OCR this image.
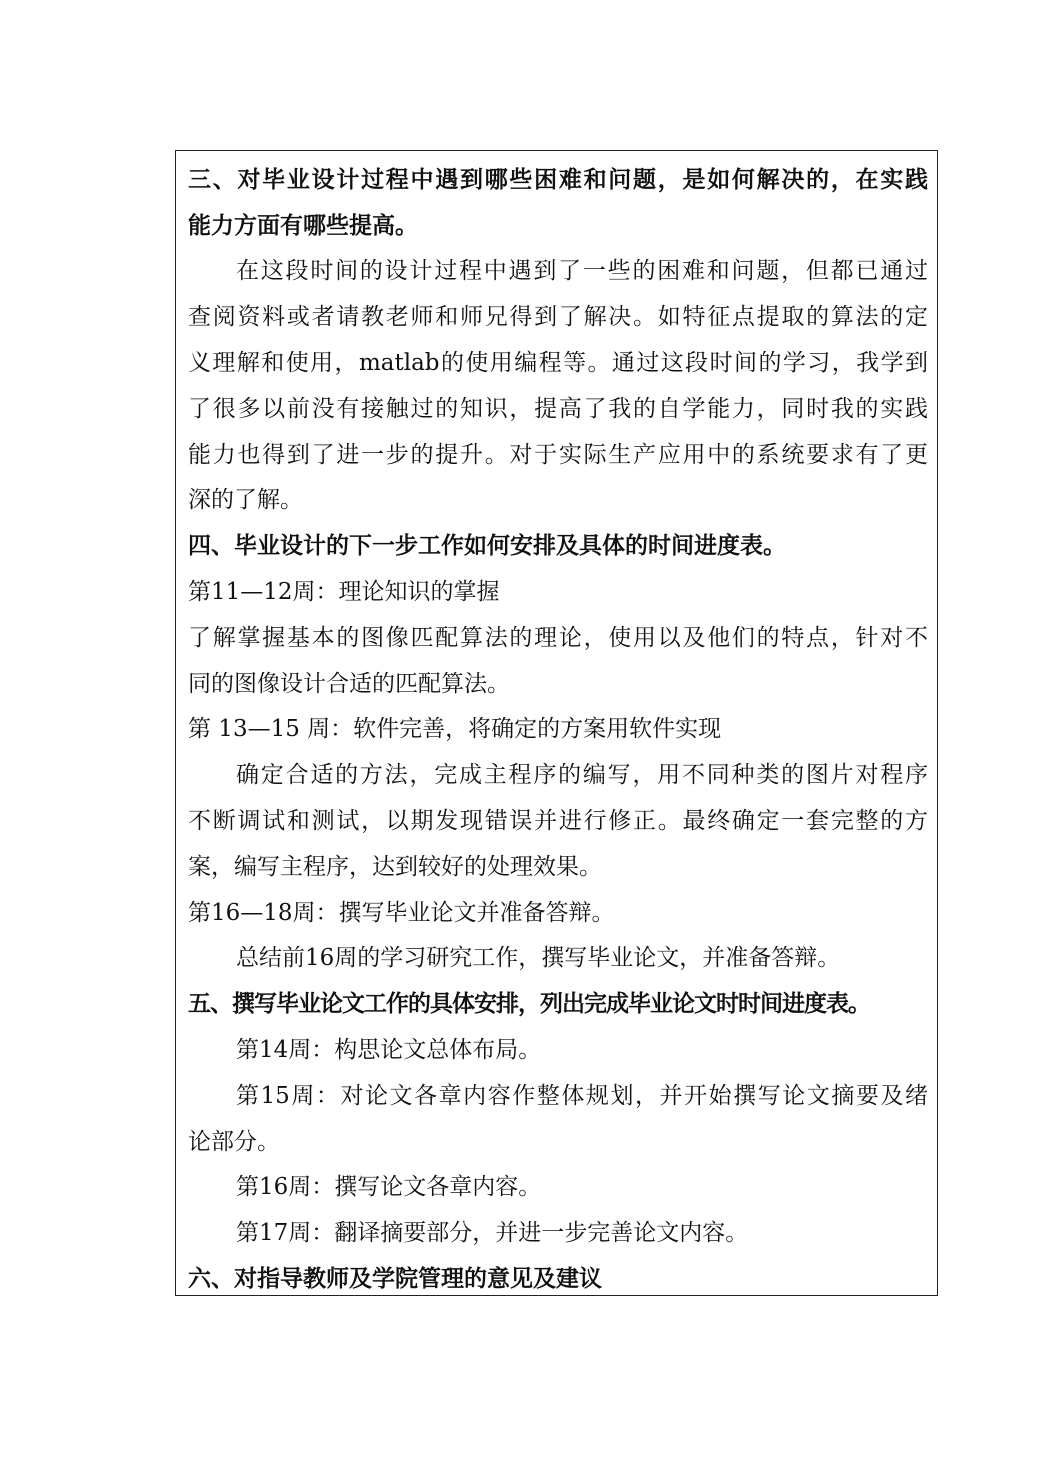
三、对毕业设计过程中遇到哪些困难和问题，是如何解决的，在实践
能力方面有哪些提高。
在这段时间的设计过程中遇到了一些的困难和问题，但都已通过
查阅资料或者请教老师和师兄得到了解决。如特征点提取的算法的定
义理解和使用，matlab的使用编程等。通过这段时间的学习，我学到
了很多以前没有接触过的知识，提高了我的自学能力，同时我的实践
能力也得到了进一步的提升。对于实际生产应用中的系统要求有了更
深的了解。
四、毕业设计的下一步工作如何安排及具体的时间进度表。
第11—12周：理论知识的掌握
了解掌握基本的图像匹配算法的理论，使用以及他们的特点，针对不
同的图像设计合适的匹配算法。
第 13—15 周：软件完善，将确定的方案用软件实现
确定合适的方法，完成主程序的编写，用不同种类的图片对程序
不断调试和测试，以期发现错误并进行修正。最终确定一套完整的方
案，编写主程序，达到较好的处理效果。
第16—18周：撰写毕业论文并准备答辩。
总结前16周的学习研究工作，撰写毕业论文，并准备答辩。
五、撰写毕业论文工作的具体安排，列出完成毕业论文时时间进度表。
第14周：构思论文总体布局。
第15周：对论文各章内容作整体规划，并开始撰写论文摘要及绪
论部分。
第16周：撰写论文各章内容。
第17周：翻译摘要部分，并进一步完善论文内容。
六、对指导教师及学院管理的意见及建议
